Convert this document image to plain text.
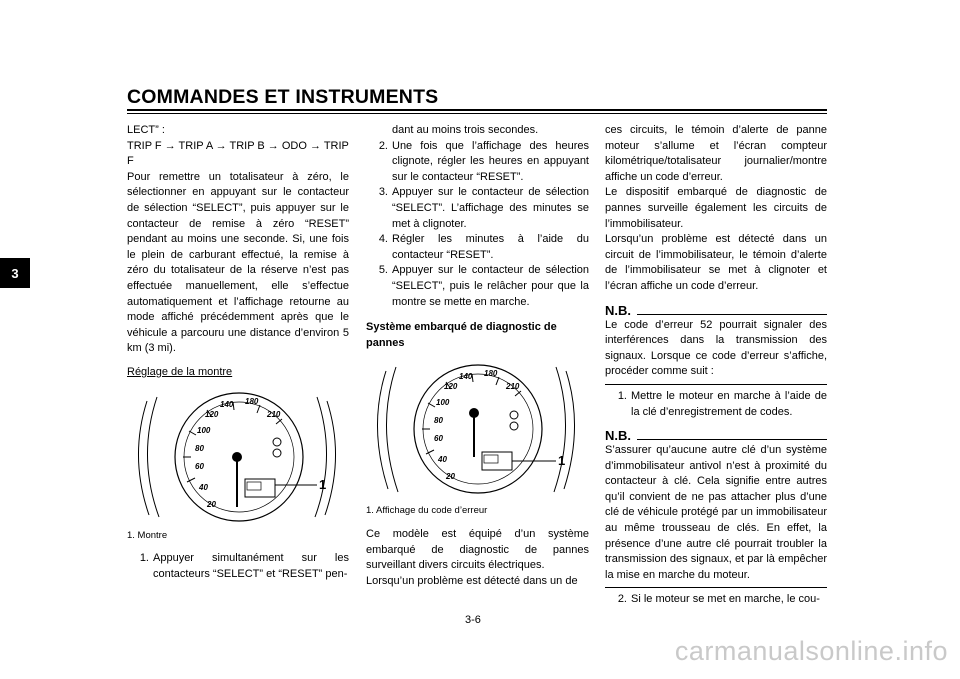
COMMANDES ET INSTRUMENTS
3

LECT” :

TRIP F → TRIP A → TRIP B → ODO → TRIP F

Pour remettre un totalisateur à zéro, le sélectionner en appuyant sur le contacteur de sélection “SELECT”, puis appuyer sur le contacteur de remise à zéro “RESET” pendant au moins une seconde. Si, une fois le plein de carburant effectué, la remise à zéro du totalisateur de la réserve n’est pas effectuée manuellement, elle s’effectue automatiquement et l’affichage retourne au mode affiché précédemment après que le véhicule a parcouru une distance d’environ 5 km (3 mi).

Réglage de la montre

20
40
60
80
100
120
140 180
210
1

1. Montre

1. Appuyer simultanément sur les contacteurs “SELECT” et “RESET” pen-
dant au moins trois secondes.
2. Une fois que l’affichage des heures clignote, régler les heures en appuyant sur le contacteur “RESET”.
3. Appuyer sur le contacteur de sélection “SELECT”. L’affichage des minutes se met à clignoter.
4. Régler les minutes à l’aide du contacteur “RESET”.
5. Appuyer sur le contacteur de sélection “SELECT”, puis le relâcher pour que la montre se mette en marche.

Système embarqué de diagnostic de pannes

20
40
60
80
100
120
140 180
210
1

1. Affichage du code d’erreur

Ce modèle est équipé d’un système embarqué de diagnostic de pannes surveillant divers circuits électriques.

Lorsqu’un problème est détecté dans un de

ces circuits, le témoin d’alerte de panne moteur s’allume et l’écran compteur kilométrique/totalisateur journalier/montre affiche un code d’erreur.

Le dispositif embarqué de diagnostic de pannes surveille également les circuits de l’immobilisateur.

Lorsqu’un problème est détecté dans un circuit de l’immobilisateur, le témoin d’alerte de l’immobilisateur se met à clignoter et l’écran affiche un code d’erreur.

N.B.

Le code d’erreur 52 pourrait signaler des interférences dans la transmission des signaux. Lorsque ce code d’erreur s’affiche, procéder comme suit :

1. Mettre le moteur en marche à l’aide de la clé d’enregistrement de codes.

N.B.

S’assurer qu’aucune autre clé d’un système d’immobilisateur antivol n’est à proximité du contacteur à clé. Cela signifie entre autres qu’il convient de ne pas attacher plus d’une clé de véhicule protégé par un immobilisateur au même trousseau de clés. En effet, la présence d’une autre clé pourrait troubler la transmission des signaux, et par là empêcher la mise en marche du moteur.

2. Si le moteur se met en marche, le cou-
3-6
carmanualsonline.info
